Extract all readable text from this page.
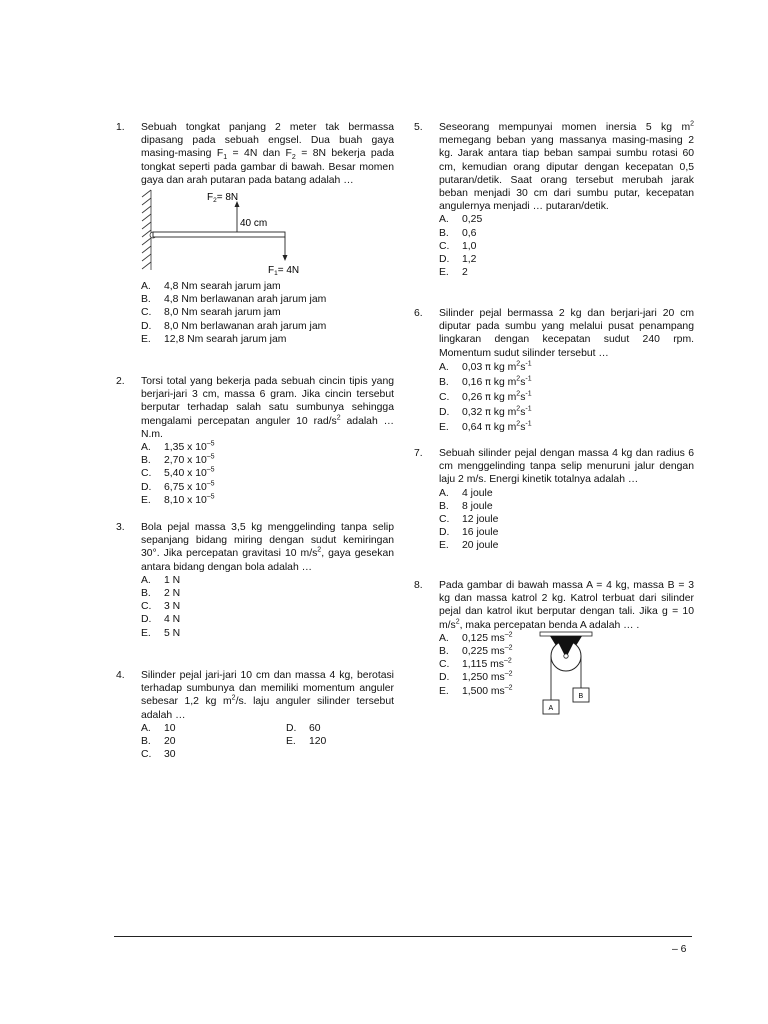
1. Sebuah tongkat panjang 2 meter tak bermassa dipasang pada sebuah engsel. Dua buah gaya masing-masing $F_1 = 4N$ dan $F_2 = 8N$ bekerja pada tongkat seperti pada gambar di bawah. Besar momen gaya dan arah putaran pada batang adalah …

$F_2= 8N$
40 cm
$F_1= 4N$
A. 4,8 Nm searah jarum jam
B. 4,8 Nm berlawanan arah jarum jam
C. 8,0 Nm searah jarum jam
D. 8,0 Nm berlawanan arah jarum jam
E. 12,8 Nm searah jarum jam
2. Torsi total yang bekerja pada sebuah cincin tipis yang berjari-jari 3 cm, massa 6 gram. Jika cincin tersebut berputar terhadap salah satu sumbunya sehingga mengalami percepatan anguler 10 rad/$s^2$ adalah … N.m.

A. 1,35 x $10^{-5}$
B. 2,70 x $10^{-5}$
C. 5,40 x $10^{-5}$
D. 6,75 x $10^{-5}$
E. 8,10 x $10^{-5}$
3. Bola pejal massa 3,5 kg menggelinding tanpa selip sepanjang bidang miring dengan sudut kemiringan 30°. Jika percepatan gravitasi 10 $m/s^2$, gaya gesekan antara bidang dengan bola adalah …

A. 1 N
B. 2 N
C. 3 N
D. 4 N
E. 5 N
4. Silinder pejal jari-jari 10 cm dan massa 4 kg, berotasi terhadap sumbunya dan memiliki momentum anguler sebesar 1,2 kg $m^2/s$. laju anguler silinder tersebut adalah …

A. 10	D. 60
B. 20	E. 120
C. 30
5. Seseorang mempunyai momen inersia 5 kg $m^2$ memegang beban yang massanya masing-masing 2 kg. Jarak antara tiap beban sampai sumbu rotasi 60 cm, kemudian orang diputar dengan kecepatan 0,5 putaran/detik. Saat orang tersebut merubah jarak beban menjadi 30 cm dari sumbu putar, kecepatan angulernya menjadi … putaran/detik.

A. 0,25
B. 0,6
C. 1,0
D. 1,2
E. 2
6. Silinder pejal bermassa 2 kg dan berjari-jari 20 cm diputar pada sumbu yang melalui pusat penampang lingkaran dengan kecepatan sudut 240 rpm. Momentum sudut silinder tersebut …

A. 0,03 π kg $m^2s^{-1}$
B. 0,16 π kg $m^2s^{-1}$
C. 0,26 π kg $m^2s^{-1}$
D. 0,32 π kg $m^2s^{-1}$
E. 0,64 π kg $m^2s^{-1}$
7. Sebuah silinder pejal dengan massa 4 kg dan radius 6 cm menggelinding tanpa selip menuruni jalur dengan laju 2 m/s. Energi kinetik totalnya adalah …

A. 4 joule
B. 8 joule
C. 12 joule
D. 16 joule
E. 20 joule
8. Pada gambar di bawah massa A = 4 kg, massa B = 3 kg dan massa katrol 2 kg. Katrol terbuat dari silinder pejal dan katrol ikut berputar dengan tali. Jika g = 10 $m/s^2$, maka percepatan benda A adalah … .

A. 0,125 $ms^{-2}$
B. 0,225 $ms^{-2}$
C. 1,115 $ms^{-2}$
D. 1,250 $ms^{-2}$
E. 1,500 $ms^{-2}$
A
B
– 6
